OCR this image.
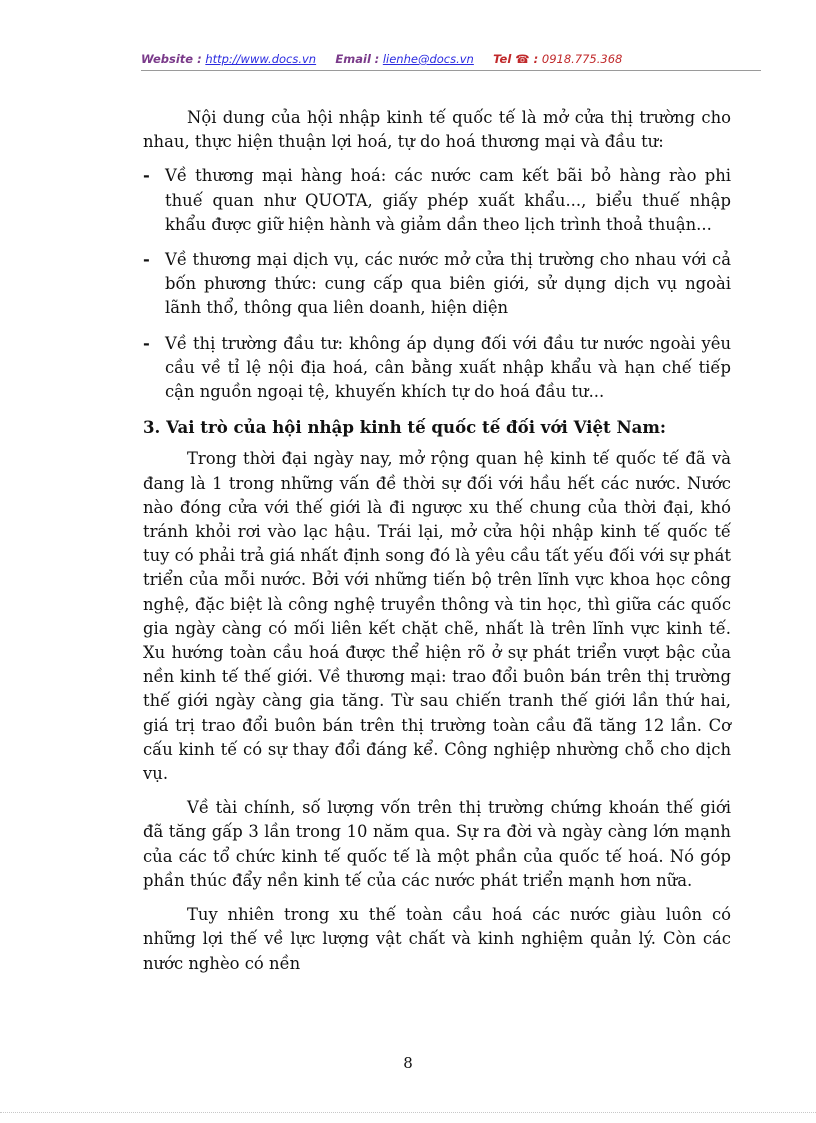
Website : http://www.docs.vn Email : lienhe@docs.vn Tel ☎ : 0918.775.368

Nội dung của hội nhập kinh tế quốc tế là mở cửa thị trường cho nhau, thực hiện thuận lợi hoá, tự do hoá thương mại và đầu tư:

- Về thương mại hàng hoá: các nước cam kết bãi bỏ hàng rào phi thuế quan như QUOTA, giấy phép xuất khẩu..., biểu thuế nhập khẩu được giữ hiện hành và giảm dần theo lịch trình thoả thuận...

- Về thương mại dịch vụ, các nước mở cửa thị trường cho nhau với cả bốn phương thức: cung cấp qua biên giới, sử dụng dịch vụ ngoài lãnh thổ, thông qua liên doanh, hiện diện

- Về thị trường đầu tư: không áp dụng đối với đầu tư nước ngoài yêu cầu về tỉ lệ nội địa hoá, cân bằng xuất nhập khẩu và hạn chế tiếp cận nguồn ngoại tệ, khuyến khích tự do hoá đầu tư...

3. Vai trò của hội nhập kinh tế quốc tế đối với Việt Nam:

Trong thời đại ngày nay, mở rộng quan hệ kinh tế quốc tế đã và đang là 1 trong những vấn đề thời sự đối với hầu hết các nước. Nước nào đóng cửa với thế giới là đi ngược xu thế chung của thời đại, khó tránh khỏi rơi vào lạc hậu. Trái lại, mở cửa hội nhập kinh tế quốc tế tuy có phải trả giá nhất định song đó là yêu cầu tất yếu đối với sự phát triển của mỗi nước. Bởi với những tiến bộ trên lĩnh vực khoa học công nghệ, đặc biệt là công nghệ truyền thông và tin học, thì giữa các quốc gia ngày càng có mối liên kết chặt chẽ, nhất là trên lĩnh vực kinh tế. Xu hướng toàn cầu hoá được thể hiện rõ ở sự phát triển vượt bậc của nền kinh tế thế giới. Về thương mại: trao đổi buôn bán trên thị trường thế giới ngày càng gia tăng. Từ sau chiến tranh thế giới lần thứ hai, giá trị trao đổi buôn bán trên thị trường toàn cầu đã tăng 12 lần. Cơ cấu kinh tế có sự thay đổi đáng kể. Công nghiệp nhường chỗ cho dịch vụ.

Về tài chính, số lượng vốn trên thị trường chứng khoán thế giới đã tăng gấp 3 lần trong 10 năm qua. Sự ra đời và ngày càng lớn mạnh của các tổ chức kinh tế quốc tế là một phần của quốc tế hoá. Nó góp phần thúc đẩy nền kinh tế của các nước phát triển mạnh hơn nữa.

Tuy nhiên trong xu thế toàn cầu hoá các nước giàu luôn có những lợi thế về lực lượng vật chất và kinh nghiệm quản lý. Còn các nước nghèo có nền

8
